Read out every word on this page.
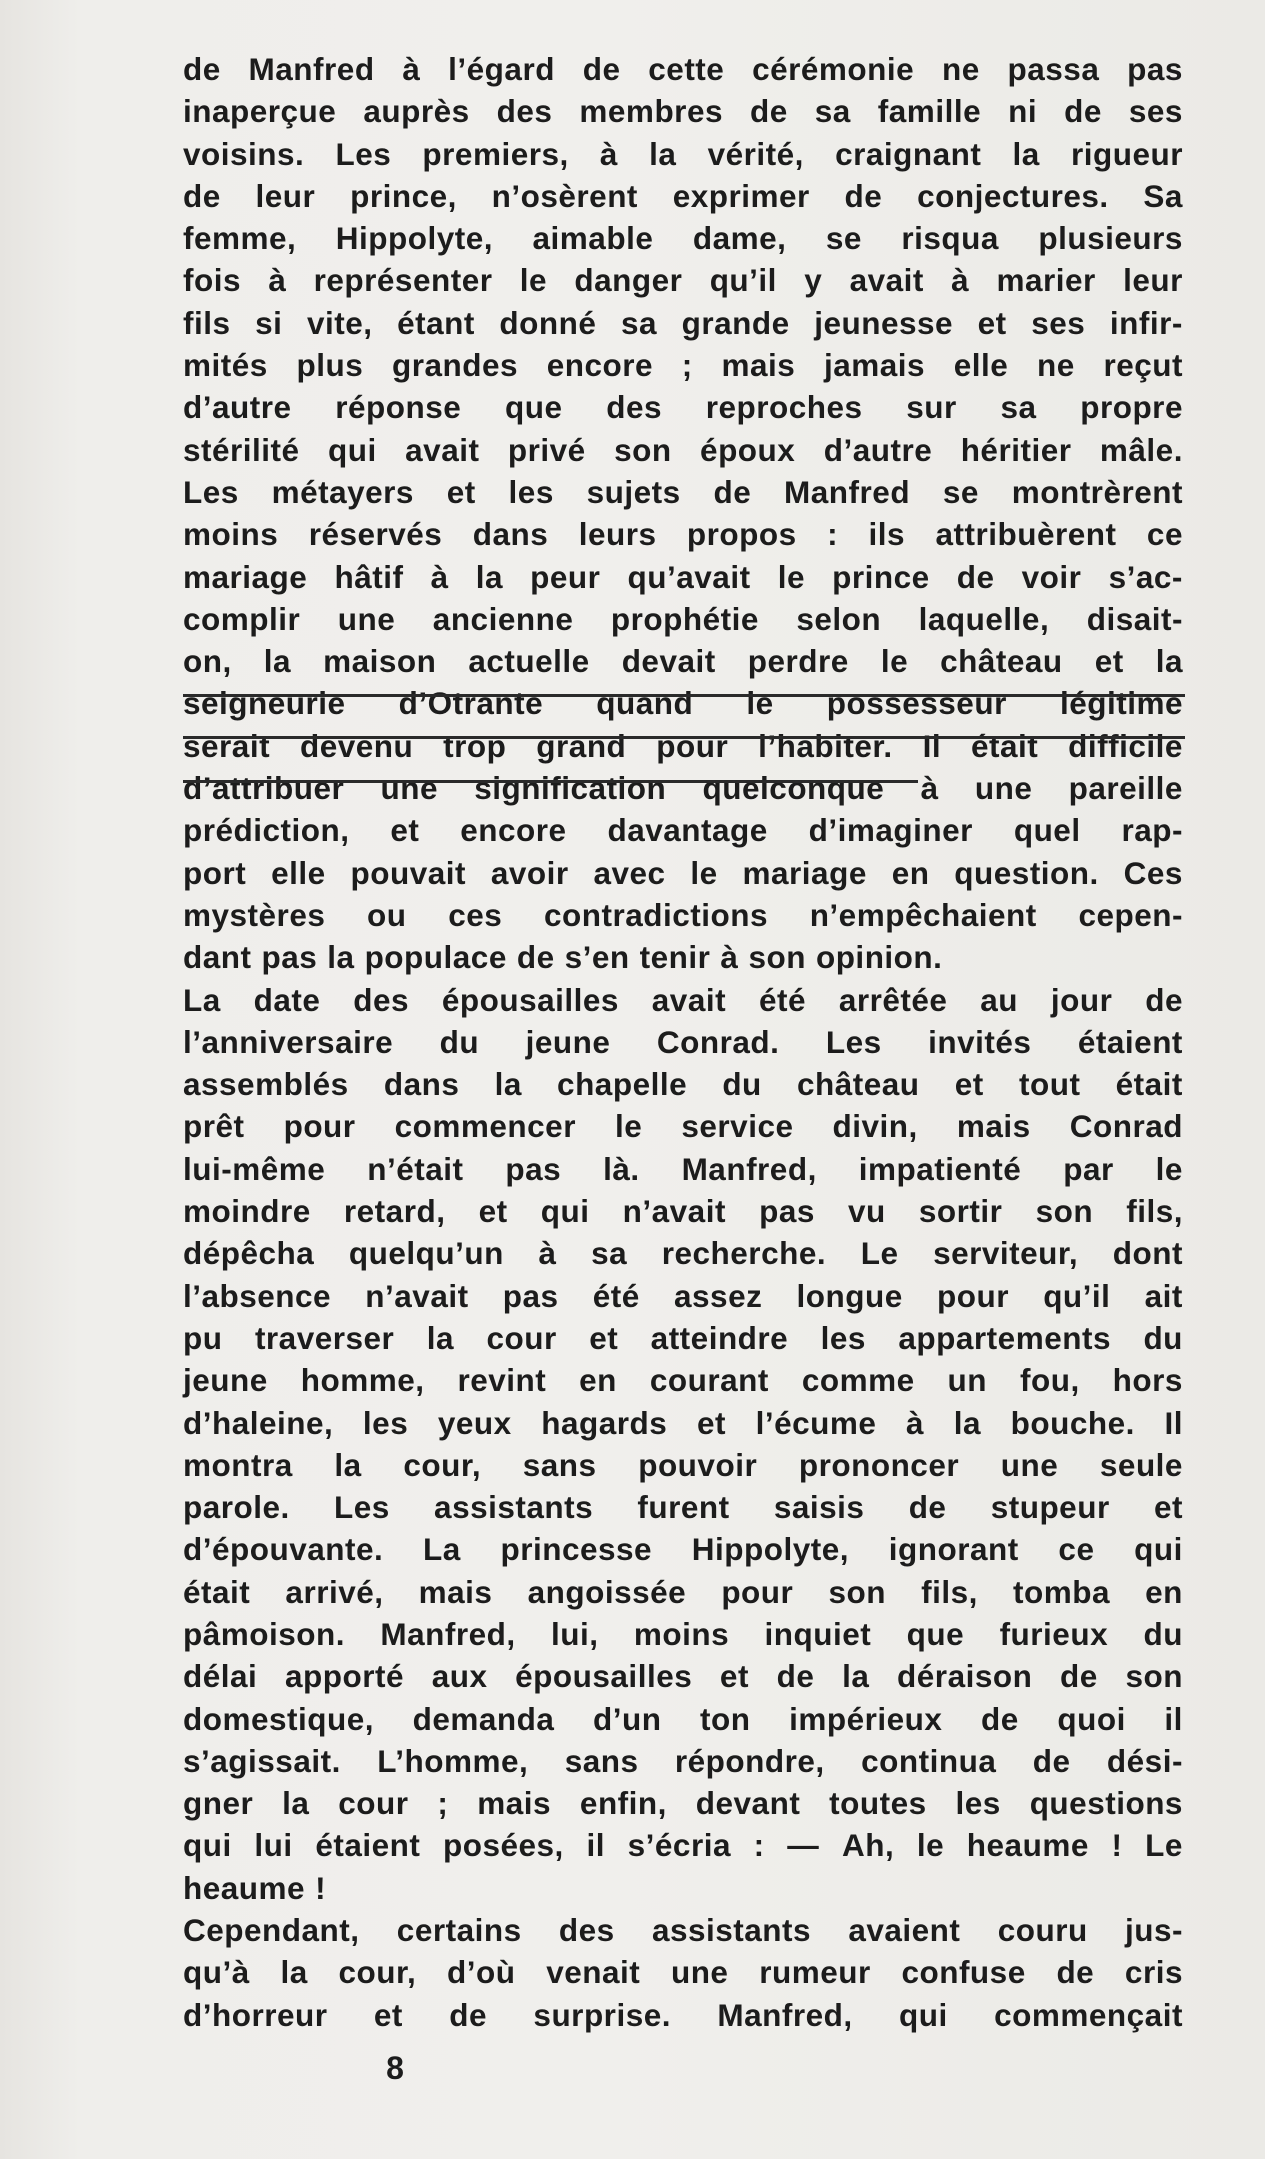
de Manfred à l’égard de cette cérémonie ne passa pas
inaperçue auprès des membres de sa famille ni de ses
voisins. Les premiers, à la vérité, craignant la rigueur
de leur prince, n’osèrent exprimer de conjectures. Sa
femme, Hippolyte, aimable dame, se risqua plusieurs
fois à représenter le danger qu’il y avait à marier leur
fils si vite, étant donné sa grande jeunesse et ses infir-
mités plus grandes encore ; mais jamais elle ne reçut
d’autre réponse que des reproches sur sa propre
stérilité qui avait privé son époux d’autre héritier mâle.
Les métayers et les sujets de Manfred se montrèrent
moins réservés dans leurs propos : ils attribuèrent ce
mariage hâtif à la peur qu’avait le prince de voir s’ac-
complir une ancienne prophétie selon laquelle, disait-
on, la maison actuelle devait perdre le château et la
seigneurie d’Otrante quand le possesseur légitime
serait devenu trop grand pour l’habiter. Il était difficile
d’attribuer une signification quelconque à une pareille
prédiction, et encore davantage d’imaginer quel rap-
port elle pouvait avoir avec le mariage en question. Ces
mystères ou ces contradictions n’empêchaient cepen-
dant pas la populace de s’en tenir à son opinion.
La date des épousailles avait été arrêtée au jour de
l’anniversaire du jeune Conrad. Les invités étaient
assemblés dans la chapelle du château et tout était
prêt pour commencer le service divin, mais Conrad
lui-même n’était pas là. Manfred, impatienté par le
moindre retard, et qui n’avait pas vu sortir son fils,
dépêcha quelqu’un à sa recherche. Le serviteur, dont
l’absence n’avait pas été assez longue pour qu’il ait
pu traverser la cour et atteindre les appartements du
jeune homme, revint en courant comme un fou, hors
d’haleine, les yeux hagards et l’écume à la bouche. Il
montra la cour, sans pouvoir prononcer une seule
parole. Les assistants furent saisis de stupeur et
d’épouvante. La princesse Hippolyte, ignorant ce qui
était arrivé, mais angoissée pour son fils, tomba en
pâmoison. Manfred, lui, moins inquiet que furieux du
délai apporté aux épousailles et de la déraison de son
domestique, demanda d’un ton impérieux de quoi il
s’agissait. L’homme, sans répondre, continua de dési-
gner la cour ; mais enfin, devant toutes les questions
qui lui étaient posées, il s’écria : — Ah, le heaume ! Le
heaume !
Cependant, certains des assistants avaient couru jus-
qu’à la cour, d’où venait une rumeur confuse de cris
d’horreur et de surprise. Manfred, qui commençait
8
